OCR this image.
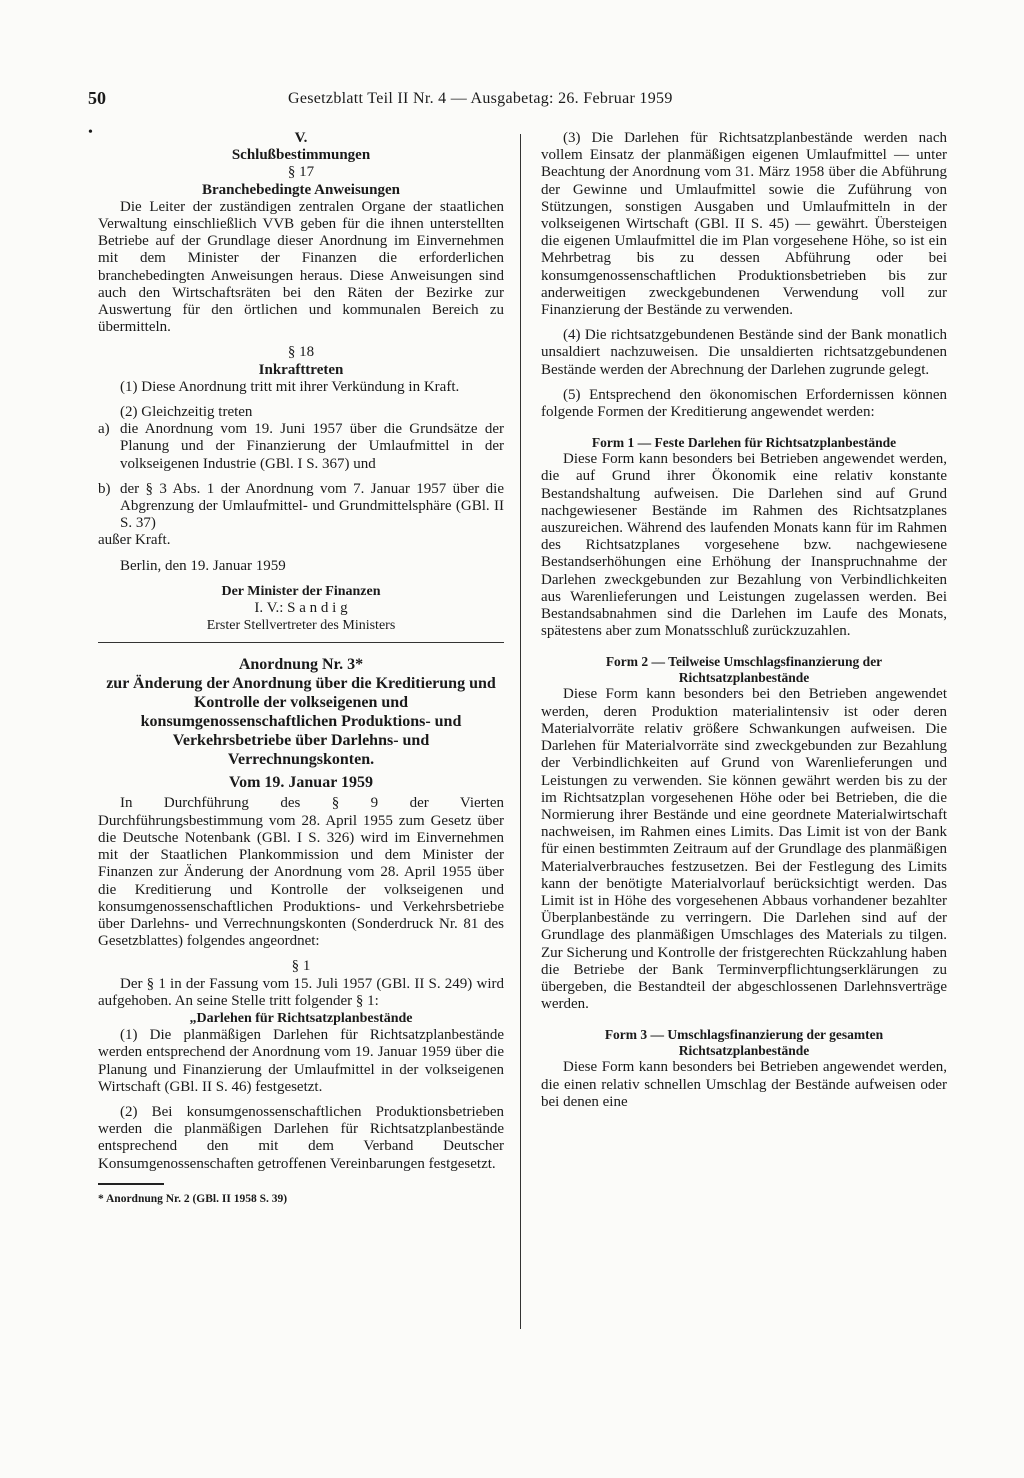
50	Gesetzblatt Teil II Nr. 4 — Ausgabetag: 26. Februar 1959
•	V.

Schlußbestimmungen

§ 17

Branchebedingte Anweisungen

Die Leiter der zuständigen zentralen Organe der staatlichen Verwaltung einschließlich VVB geben für die ihnen unterstellten Betriebe auf der Grundlage dieser Anordnung im Einvernehmen mit dem Minister der Finanzen die erforderlichen branchebedingten Anweisungen heraus. Diese Anweisungen sind auch den Wirtschaftsräten bei den Räten der Bezirke zur Auswertung für den örtlichen und kommunalen Bereich zu übermitteln.

§ 18

Inkrafttreten

(1) Diese Anordnung tritt mit ihrer Verkündung in Kraft.

(2) Gleichzeitig treten

a) die Anordnung vom 19. Juni 1957 über die Grundsätze der Planung und der Finanzierung der Umlaufmittel in der volkseigenen Industrie (GBl. I S. 367) und
b) der § 3 Abs. 1 der Anordnung vom 7. Januar 1957 über die Abgrenzung der Umlaufmittel- und Grundmittelsphäre (GBl. II S. 37)

außer Kraft.

Berlin, den 19. Januar 1959

Der Minister der Finanzen

I. V.: S a n d i g

Erster Stellvertreter des Ministers

Anordnung Nr. 3*

zur Änderung der Anordnung über die Kreditierung und Kontrolle der volkseigenen und konsumgenossenschaftlichen Produktions- und Verkehrsbetriebe über Darlehns- und Verrechnungskonten.

Vom 19. Januar 1959

In Durchführung des § 9 der Vierten Durchführungsbestimmung vom 28. April 1955 zum Gesetz über die Deutsche Notenbank (GBl. I S. 326) wird im Einvernehmen mit der Staatlichen Plankommission und dem Minister der Finanzen zur Änderung der Anordnung vom 28. April 1955 über die Kreditierung und Kontrolle der volkseigenen und konsumgenossenschaftlichen Produktions- und Verkehrsbetriebe über Darlehns- und Verrechnungskonten (Sonderdruck Nr. 81 des Gesetzblattes) folgendes angeordnet:

§ 1

Der § 1 in der Fassung vom 15. Juli 1957 (GBl. II S. 249) wird aufgehoben. An seine Stelle tritt folgender § 1:

„Darlehen für Richtsatzplanbestände

(1) Die planmäßigen Darlehen für Richtsatzplanbestände werden entsprechend der Anordnung vom 19. Januar 1959 über die Planung und Finanzierung der Umlaufmittel in der volkseigenen Wirtschaft (GBl. II S. 46) festgesetzt.

(2) Bei konsumgenossenschaftlichen Produktionsbetrieben werden die planmäßigen Darlehen für Richtsatzplanbestände entsprechend den mit dem Verband Deutscher Konsumgenossenschaften getroffenen Vereinbarungen festgesetzt.

* Anordnung Nr. 2 (GBl. II 1958 S. 39)

(3) Die Darlehen für Richtsatzplanbestände werden nach vollem Einsatz der planmäßigen eigenen Umlaufmittel — unter Beachtung der Anordnung vom 31. März 1958 über die Abführung der Gewinne und Umlaufmittel sowie die Zuführung von Stützungen, sonstigen Ausgaben und Umlaufmitteln in der volkseigenen Wirtschaft (GBl. II S. 45) — gewährt. Übersteigen die eigenen Umlaufmittel die im Plan vorgesehene Höhe, so ist ein Mehrbetrag bis zu dessen Abführung oder bei konsumgenossenschaftlichen Produktionsbetrieben bis zur anderweitigen zweckgebundenen Verwendung voll zur Finanzierung der Bestände zu verwenden.

(4) Die richtsatzgebundenen Bestände sind der Bank monatlich unsaldiert nachzuweisen. Die unsaldierten richtsatzgebundenen Bestände werden der Abrechnung der Darlehen zugrunde gelegt.

(5) Entsprechend den ökonomischen Erfordernissen können folgende Formen der Kreditierung angewendet werden:

Form 1 — Feste Darlehen für Richtsatzplanbestände

Diese Form kann besonders bei Betrieben angewendet werden, die auf Grund ihrer Ökonomik eine relativ konstante Bestandshaltung aufweisen. Die Darlehen sind auf Grund nachgewiesener Bestände im Rahmen des Richtsatzplanes auszureichen. Während des laufenden Monats kann für im Rahmen des Richtsatzplanes vorgesehene bzw. nachgewiesene Bestandserhöhungen eine Erhöhung der Inanspruchnahme der Darlehen zweckgebunden zur Bezahlung von Verbindlichkeiten aus Warenlieferungen und Leistungen zugelassen werden. Bei Bestandsabnahmen sind die Darlehen im Laufe des Monats, spätestens aber zum Monatsschluß zurückzuzahlen.

Form 2 — Teilweise Umschlagsfinanzierung der Richtsatzplanbestände

Diese Form kann besonders bei den Betrieben angewendet werden, deren Produktion materialintensiv ist oder deren Materialvorräte relativ größere Schwankungen aufweisen. Die Darlehen für Materialvorräte sind zweckgebunden zur Bezahlung der Verbindlichkeiten auf Grund von Warenlieferungen und Leistungen zu verwenden. Sie können gewährt werden bis zu der im Richtsatzplan vorgesehenen Höhe oder bei Betrieben, die die Normierung ihrer Bestände und eine geordnete Materialwirtschaft nachweisen, im Rahmen eines Limits. Das Limit ist von der Bank für einen bestimmten Zeitraum auf der Grundlage des planmäßigen Materialverbrauches festzusetzen. Bei der Festlegung des Limits kann der benötigte Materialvorlauf berücksichtigt werden. Das Limit ist in Höhe des vorgesehenen Abbaus vorhandener bezahlter Überplanbestände zu verringern. Die Darlehen sind auf der Grundlage des planmäßigen Umschlages des Materials zu tilgen. Zur Sicherung und Kontrolle der fristgerechten Rückzahlung haben die Betriebe der Bank Terminverpflichtungserklärungen zu übergeben, die Bestandteil der abgeschlossenen Darlehnsverträge werden.

Form 3 — Umschlagsfinanzierung der gesamten Richtsatzplanbestände

Diese Form kann besonders bei Betrieben angewendet werden, die einen relativ schnellen Umschlag der Bestände aufweisen oder bei denen eine
